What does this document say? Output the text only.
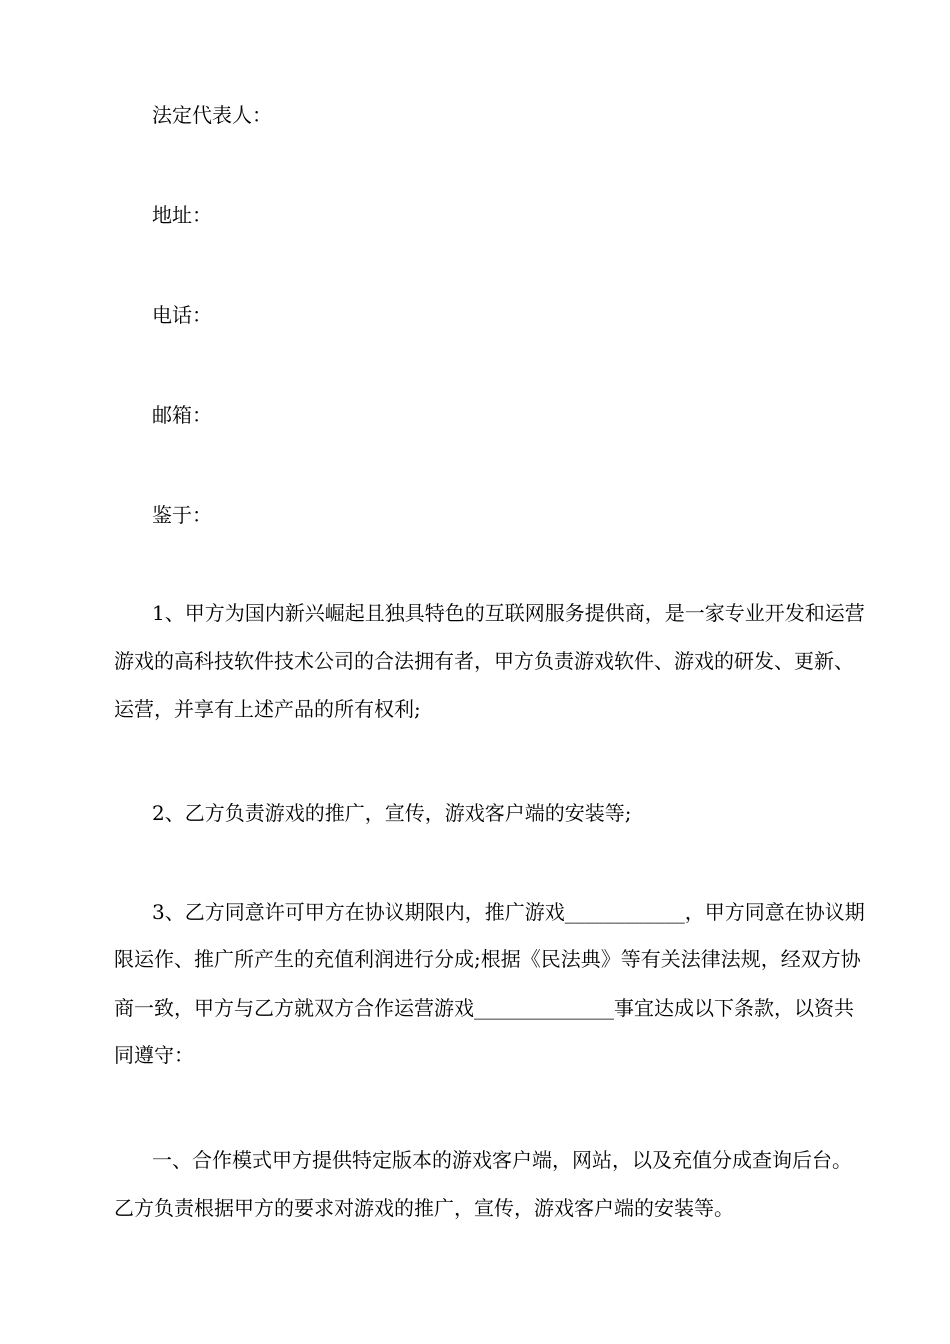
法定代表人：
地址：
电话：
邮箱：
鉴于：
1、甲方为国内新兴崛起且独具特色的互联网服务提供商，是一家专业开发和运营
游戏的高科技软件技术公司的合法拥有者，甲方负责游戏软件、游戏的研发、更新、
运营，并享有上述产品的所有权利;
2、乙方负责游戏的推广，宣传，游戏客户端的安装等;
3、乙方同意许可甲方在协议期限内，推广游戏____________，甲方同意在协议期
限运作、推广所产生的充值利润进行分成;根据《民法典》等有关法律法规，经双方协
商一致，甲方与乙方就双方合作运营游戏______________事宜达成以下条款，以资共
同遵守：
一、合作模式甲方提供特定版本的游戏客户端，网站，以及充值分成查询后台。
乙方负责根据甲方的要求对游戏的推广，宣传，游戏客户端的安装等。
